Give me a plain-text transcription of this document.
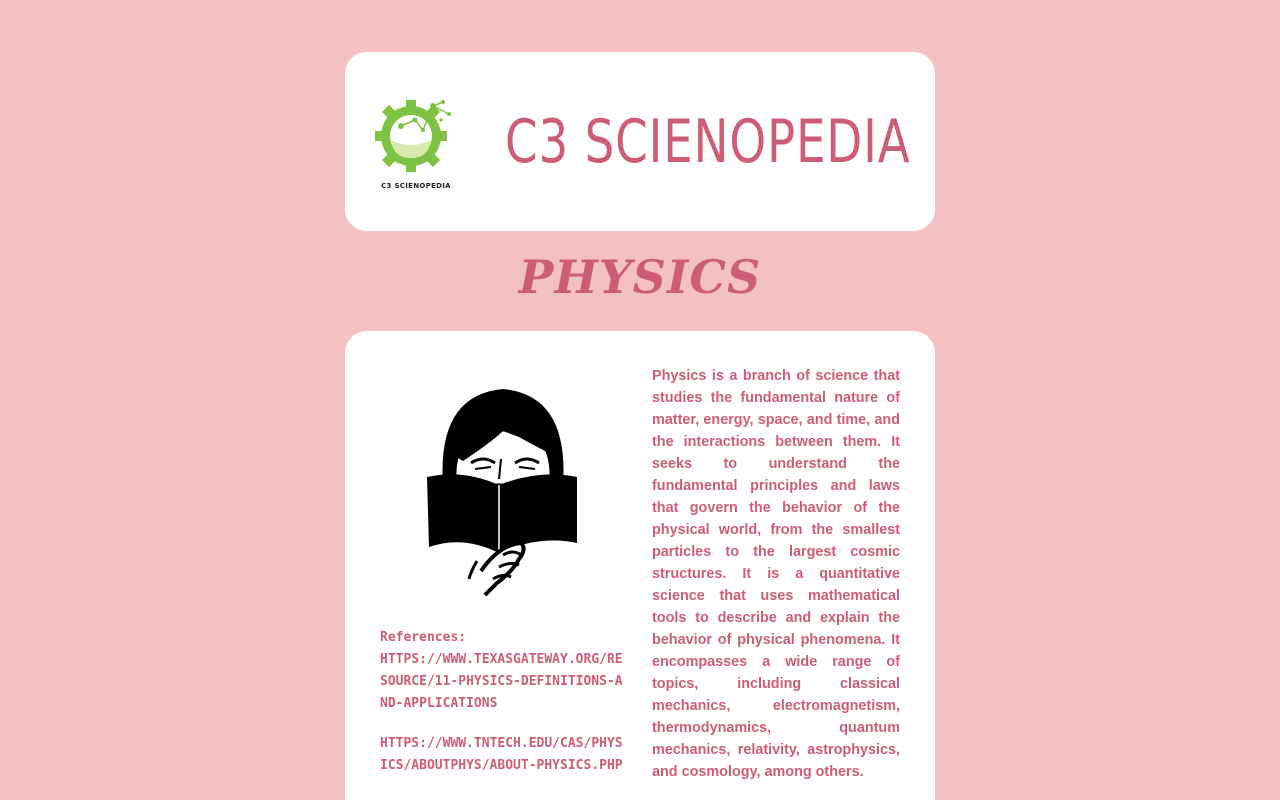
C3 SCIENOPEDIA
C3 SCIENOPEDIA
PHYSICS
References:
HTTPS://WWW.TEXASGATEWAY.ORG/RESOURCE/11-PHYSICS-DEFINITIONS-AND-APPLICATIONS
HTTPS://WWW.TNTECH.EDU/CAS/PHYSICS/ABOUTPHYS/ABOUT-PHYSICS.PHP
Physics is a branch of science that studies the fundamental nature of matter, energy, space, and time, and the interactions between them. It seeks to understand the fundamental principles and laws that govern the behavior of the physical world, from the smallest particles to the largest cosmic structures. It is a quantitative science that uses mathematical tools to describe and explain the behavior of physical phenomena. It encompasses a wide range of topics, including classical mechanics, electromagnetism, thermodynamics, quantum mechanics, relativity, astrophysics, and cosmology, among others.
